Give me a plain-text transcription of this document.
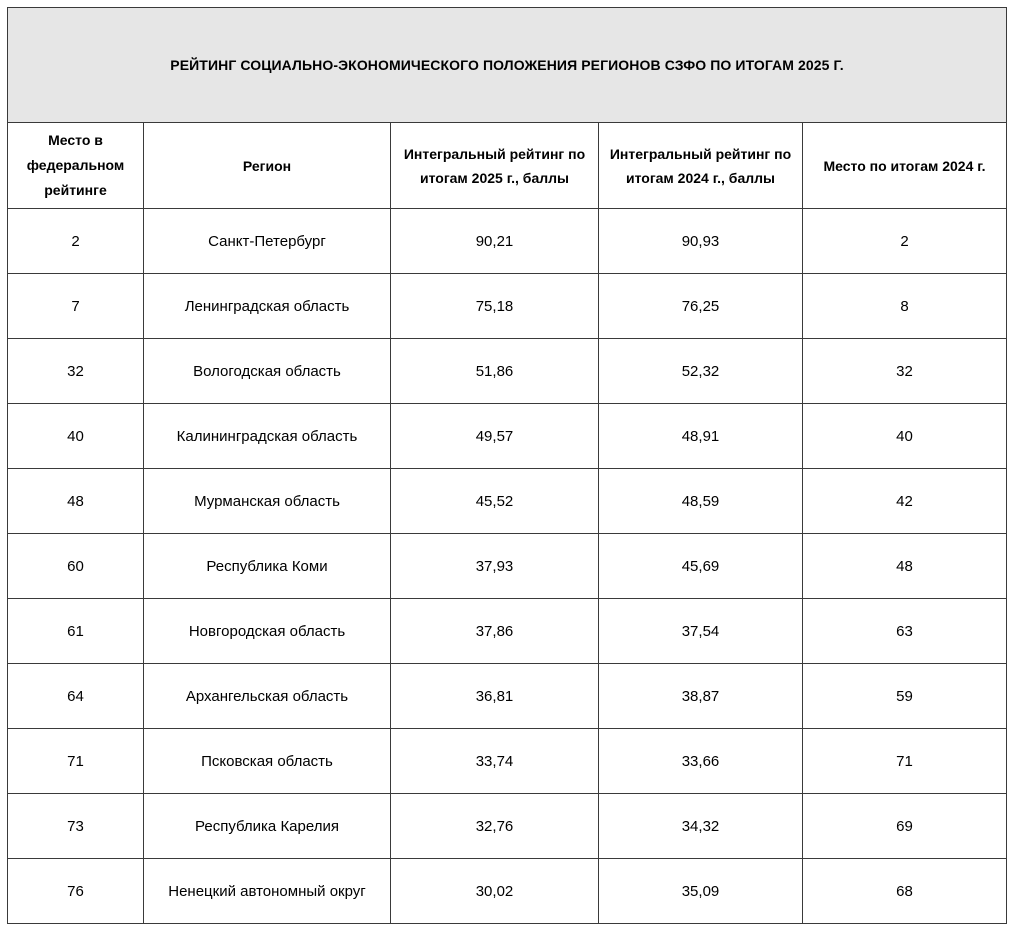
РЕЙТИНГ СОЦИАЛЬНО-ЭКОНОМИЧЕСКОГО ПОЛОЖЕНИЯ РЕГИОНОВ СЗФО ПО ИТОГАМ 2025 Г.				
Место в федеральном рейтинге	Регион	Интегральный рейтинг по итогам 2025 г., баллы	Интегральный рейтинг по итогам 2024 г., баллы	Место по итогам 2024 г.
2	Санкт-Петербург	90,21	90,93	2
7	Ленинградская область	75,18	76,25	8
32	Вологодская область	51,86	52,32	32
40	Калининградская область	49,57	48,91	40
48	Мурманская область	45,52	48,59	42
60	Республика Коми	37,93	45,69	48
61	Новгородская область	37,86	37,54	63
64	Архангельская область	36,81	38,87	59
71	Псковская область	33,74	33,66	71
73	Республика Карелия	32,76	34,32	69
76	Ненецкий автономный округ	30,02	35,09	68
